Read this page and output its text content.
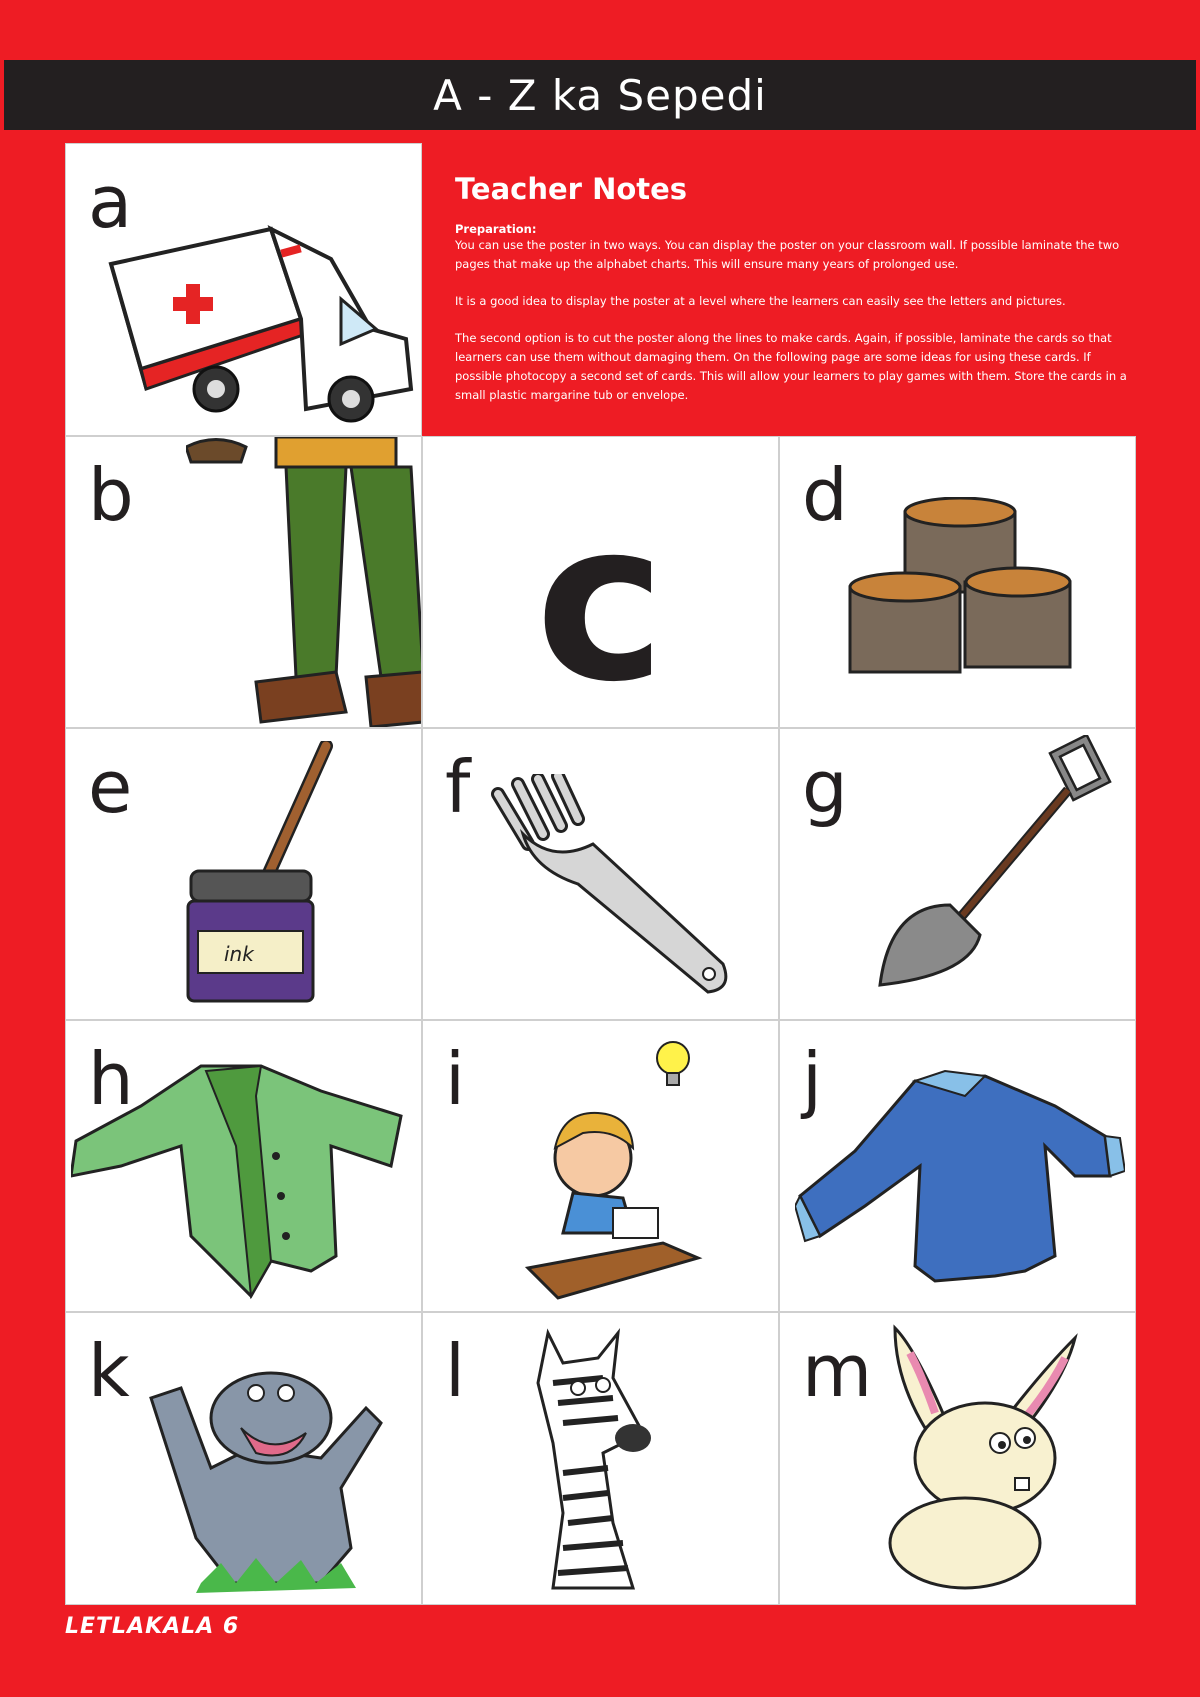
A - Z ka Sepedi
a	Teacher Notes
Preparation:

You can use the poster in two ways. You can display the poster on your classroom wall. If possible laminate the two pages that make up the alphabet charts. This will ensure many years of prolonged use.

It is a good idea to display the poster at a level where the learners can easily see the letters and pictures.

The second option is to cut the poster along the lines to make cards. Again, if possible, laminate the cards so that learners can use them without damaging them. On the following page are some ideas for using these cards. If possible photocopy a second set of cards. This will allow your learners to play games with them. Store the cards in a small plastic margarine tub or envelope.

b	c	d
e
ink
f	g
h	i	j
k	l	m
LETLAKALA 6
